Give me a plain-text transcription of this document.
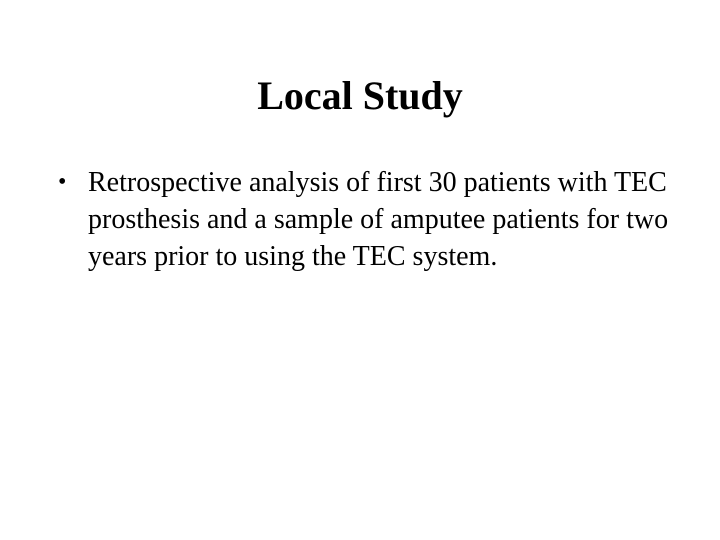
Local Study
• Retrospective analysis of first 30 patients with TEC prosthesis and a sample of amputee patients for two years prior to using the TEC system.
